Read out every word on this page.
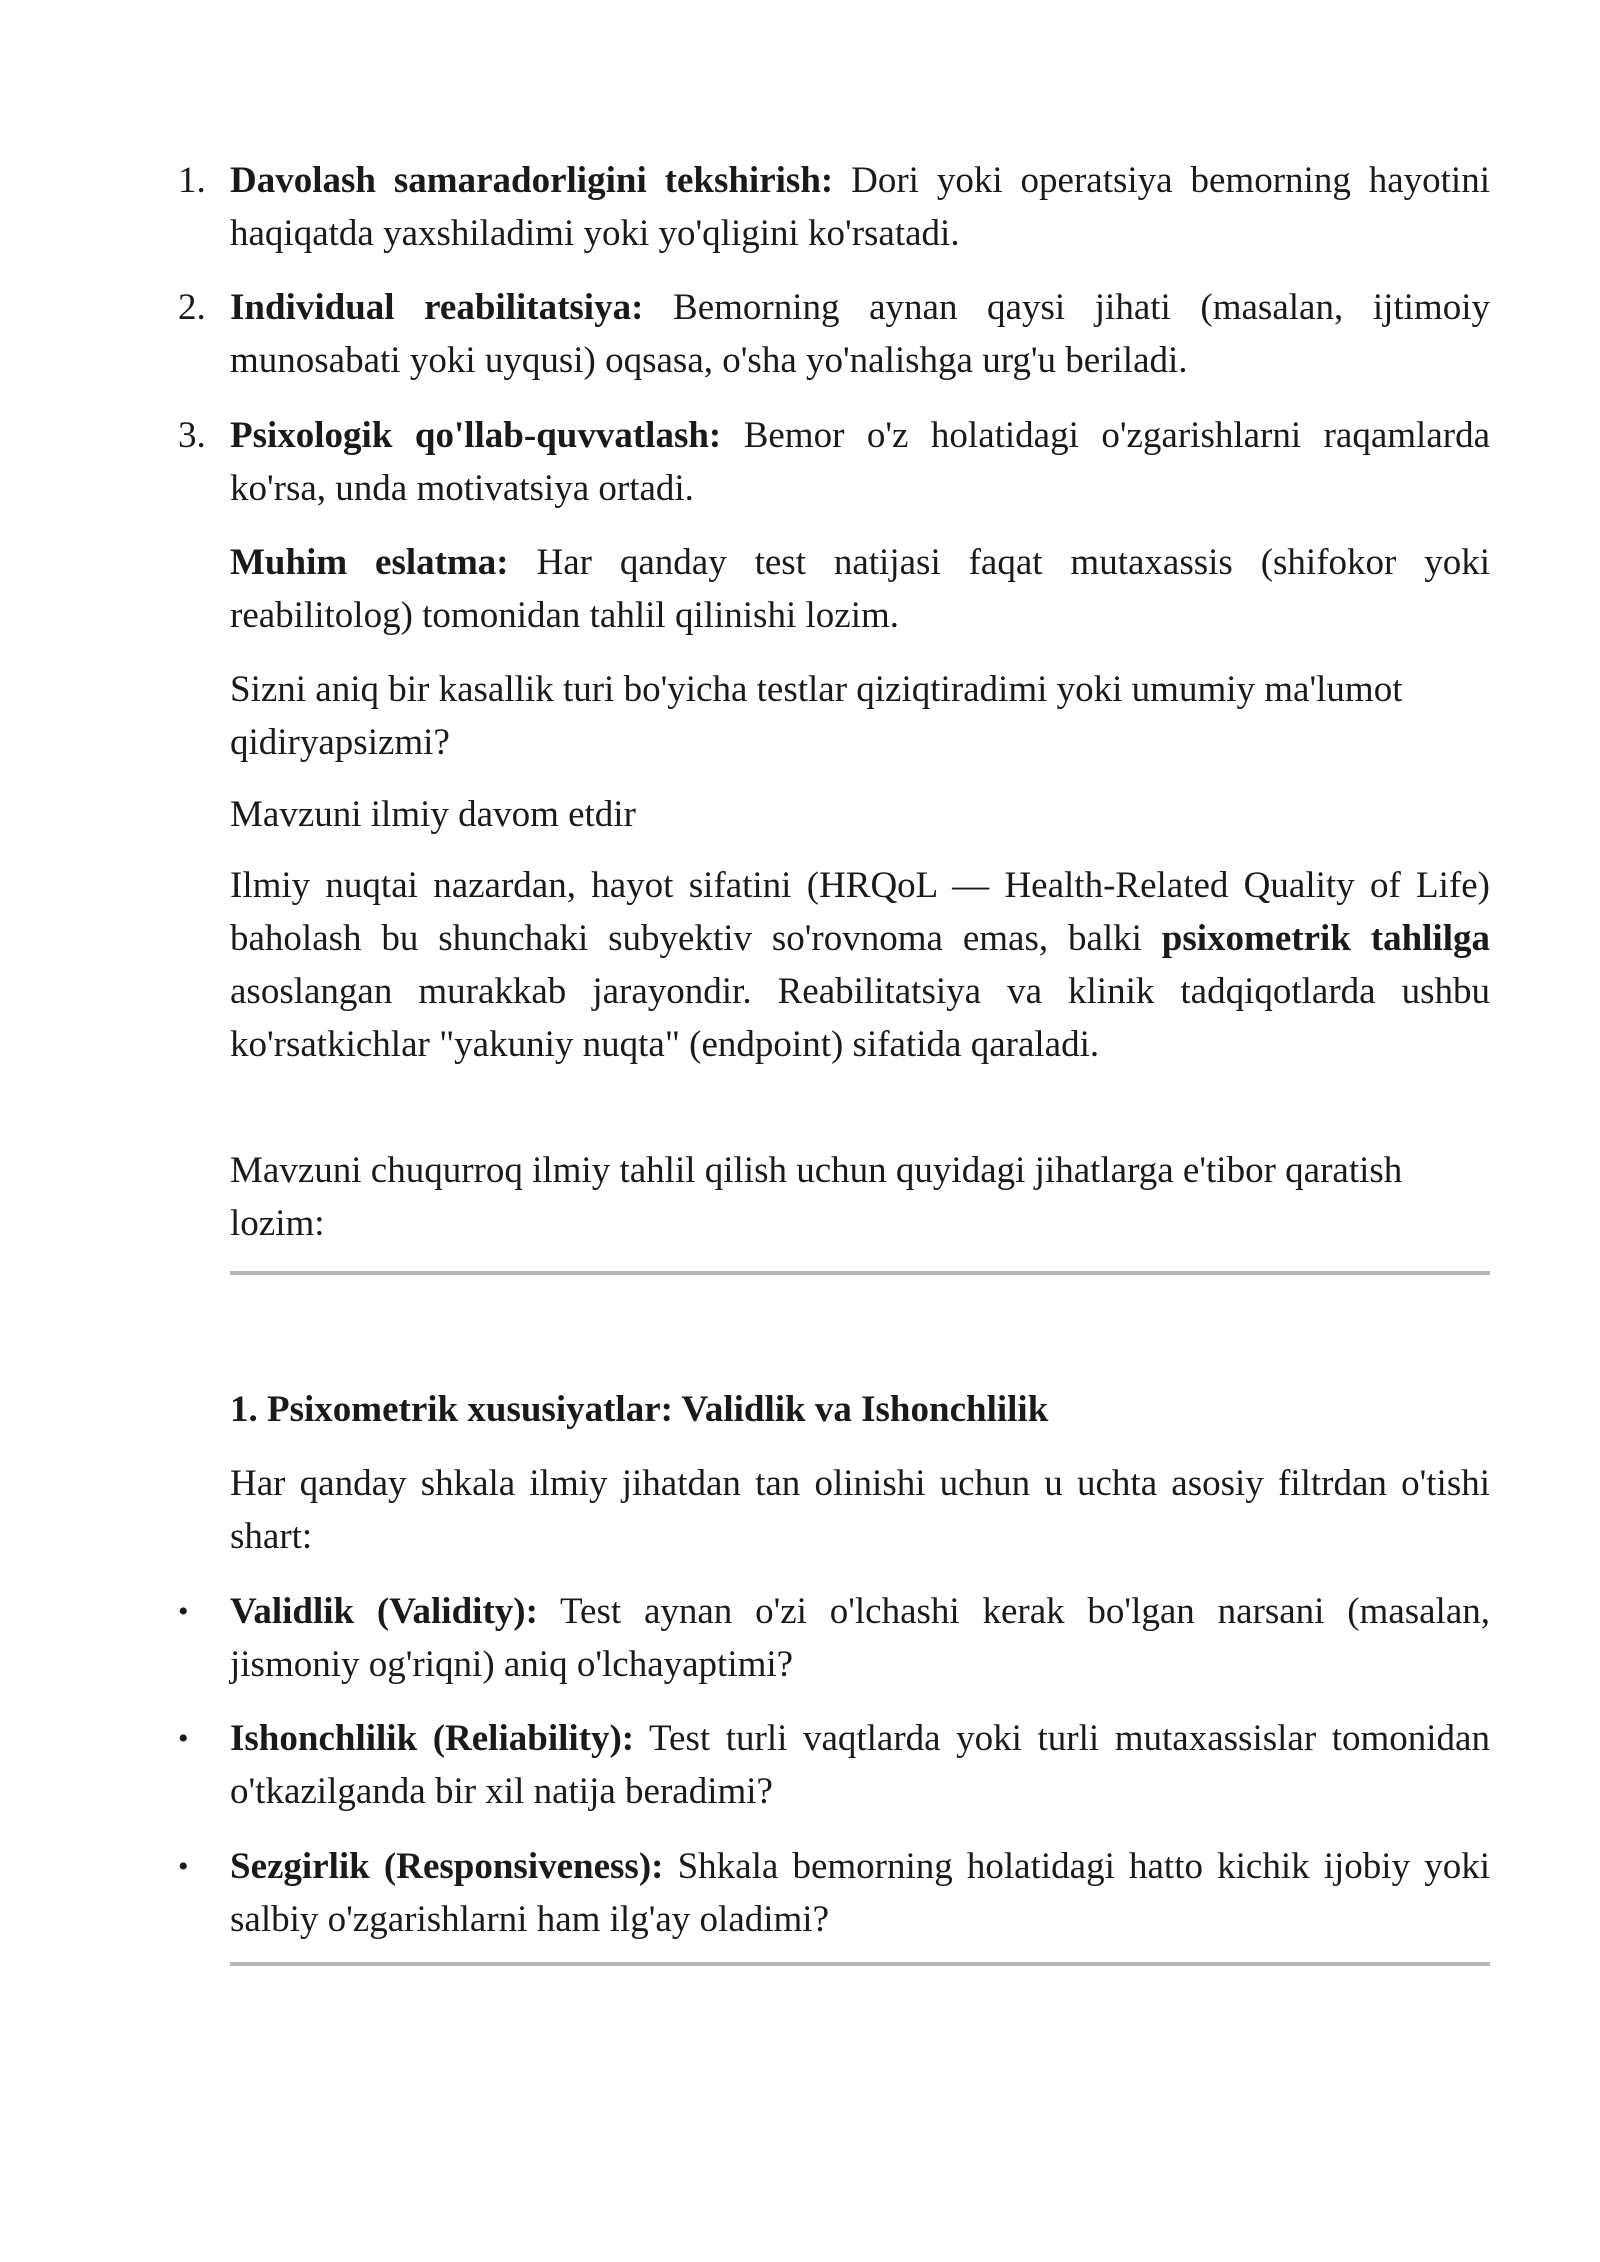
1. Davolash samaradorligini tekshirish: Dori yoki operatsiya bemorning hayotini haqiqatda yaxshiladimi yoki yo'qligini ko'rsatadi.

2. Individual reabilitatsiya: Bemorning aynan qaysi jihati (masalan, ijtimoiy munosabati yoki uyqusi) oqsasa, o'sha yo'nalishga urg'u beriladi.

3. Psixologik qo'llab-quvvatlash: Bemor o'z holatidagi o'zgarishlarni raqamlarda ko'rsa, unda motivatsiya ortadi.

Muhim eslatma: Har qanday test natijasi faqat mutaxassis (shifokor yoki reabilitolog) tomonidan tahlil qilinishi lozim.

Sizni aniq bir kasallik turi bo'yicha testlar qiziqtiradimi yoki umumiy ma'lumot qidiryapsizmi?

Mavzuni ilmiy davom etdir

Ilmiy nuqtai nazardan, hayot sifatini (HRQoL — Health-Related Quality of Life) baholash bu shunchaki subyektiv so'rovnoma emas, balki psixometrik tahlilga asoslangan murakkab jarayondir. Reabilitatsiya va klinik tadqiqotlarda ushbu ko'rsatkichlar "yakuniy nuqta" (endpoint) sifatida qaraladi.

Mavzuni chuqurroq ilmiy tahlil qilish uchun quyidagi jihatlarga e'tibor qaratish lozim:

1. Psixometrik xususiyatlar: Validlik va Ishonchlilik

Har qanday shkala ilmiy jihatdan tan olinishi uchun u uchta asosiy filtrdan o'tishi shart:

•	Validlik (Validity): Test aynan o'zi o'lchashi kerak bo'lgan narsani (masalan, jismoniy og'riqni) aniq o'lchayaptimi?

•	Ishonchlilik (Reliability): Test turli vaqtlarda yoki turli mutaxassislar tomonidan o'tkazilganda bir xil natija beradimi?

•	Sezgirlik (Responsiveness): Shkala bemorning holatidagi hatto kichik ijobiy yoki salbiy o'zgarishlarni ham ilg'ay oladimi?
